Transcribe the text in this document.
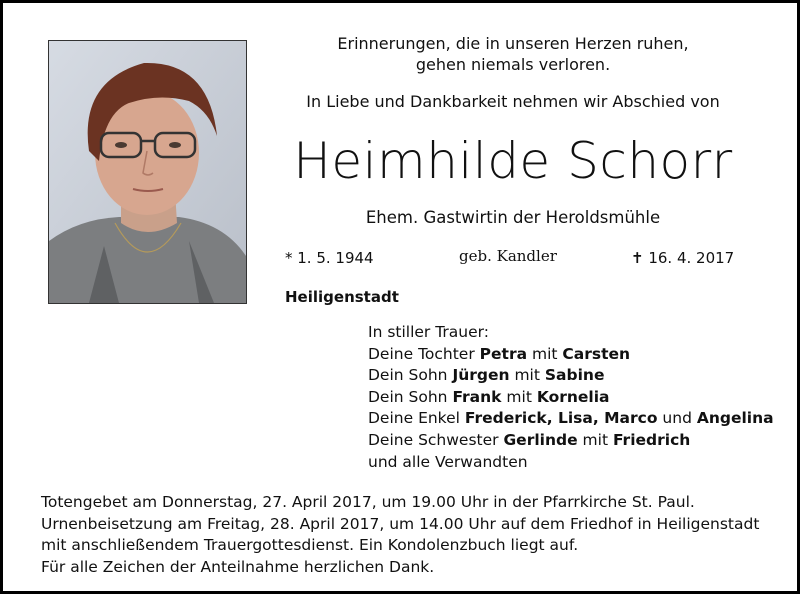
Erinnerungen, die in unseren Herzen ruhen,
gehen niemals verloren.
In Liebe und Dankbarkeit nehmen wir Abschied von
Heimhilde Schorr
Ehem. Gastwirtin der Heroldsmühle
* 1. 5. 1944	geb. Kandler	✝ 16. 4. 2017
Heiligenstadt
In stiller Trauer:
Deine Tochter Petra mit Carsten
Dein Sohn Jürgen mit Sabine
Dein Sohn Frank mit Kornelia
Deine Enkel Frederick, Lisa, Marco und Angelina
Deine Schwester Gerlinde mit Friedrich
und alle Verwandten
Totengebet am Donnerstag, 27. April 2017, um 19.00 Uhr in der Pfarrkirche St. Paul.
Urnenbeisetzung am Freitag, 28. April 2017, um 14.00 Uhr auf dem Friedhof in Heiligenstadt
mit anschließendem Trauergottesdienst. Ein Kondolenzbuch liegt auf.
Für alle Zeichen der Anteilnahme herzlichen Dank.
